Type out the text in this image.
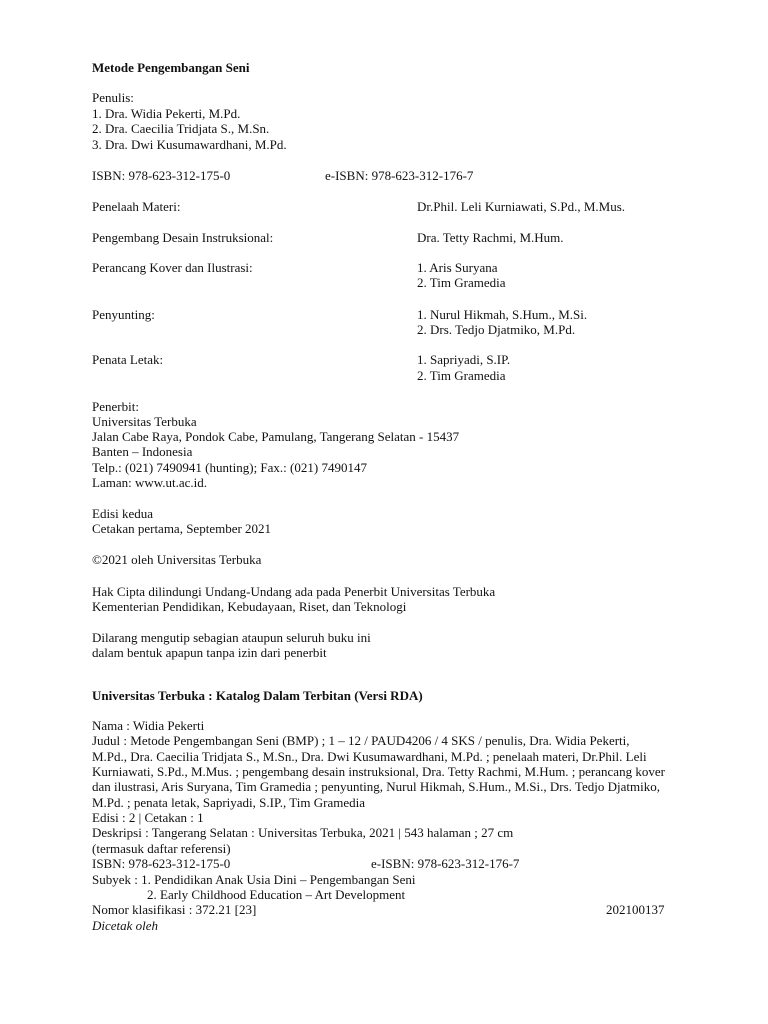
Metode Pengembangan Seni
Penulis:
1. Dra. Widia Pekerti, M.Pd.
2. Dra. Caecilia Tridjata S., M.Sn.
3. Dra. Dwi Kusumawardhani, M.Pd.
ISBN: 978-623-312-175-0	e-ISBN: 978-623-312-176-7
Penelaah Materi:	Dr.Phil. Leli Kurniawati, S.Pd., M.Mus.
Pengembang Desain Instruksional:	Dra. Tetty Rachmi, M.Hum.
Perancang Kover dan Ilustrasi:	1. Aris Suryana
2. Tim Gramedia
Penyunting:	1. Nurul Hikmah, S.Hum., M.Si.
2. Drs. Tedjo Djatmiko, M.Pd.
Penata Letak:	1. Sapriyadi, S.IP.
2. Tim Gramedia
Penerbit:
Universitas Terbuka
Jalan Cabe Raya, Pondok Cabe, Pamulang, Tangerang Selatan - 15437
Banten – Indonesia
Telp.: (021) 7490941 (hunting); Fax.: (021) 7490147
Laman: www.ut.ac.id.
Edisi kedua
Cetakan pertama, September 2021
©2021 oleh Universitas Terbuka
Hak Cipta dilindungi Undang-Undang ada pada Penerbit Universitas Terbuka
Kementerian Pendidikan, Kebudayaan, Riset, dan Teknologi
Dilarang mengutip sebagian ataupun seluruh buku ini
dalam bentuk apapun tanpa izin dari penerbit
Universitas Terbuka : Katalog Dalam Terbitan (Versi RDA)
Nama : Widia Pekerti
Judul : Metode Pengembangan Seni (BMP) ; 1 – 12 / PAUD4206 / 4 SKS / penulis, Dra. Widia Pekerti,
M.Pd., Dra. Caecilia Tridjata S., M.Sn., Dra. Dwi Kusumawardhani, M.Pd. ; penelaah materi, Dr.Phil. Leli
Kurniawati, S.Pd., M.Mus. ; pengembang desain instruksional, Dra. Tetty Rachmi, M.Hum. ; perancang kover
dan ilustrasi, Aris Suryana, Tim Gramedia ; penyunting, Nurul Hikmah, S.Hum., M.Si., Drs. Tedjo Djatmiko,
M.Pd. ; penata letak, Sapriyadi, S.IP., Tim Gramedia
Edisi : 2 | Cetakan : 1
Deskripsi : Tangerang Selatan : Universitas Terbuka, 2021 | 543 halaman ; 27 cm
(termasuk daftar referensi)
ISBN: 978-623-312-175-0	e-ISBN: 978-623-312-176-7
Subyek : 1. Pendidikan Anak Usia Dini – Pengembangan Seni
2. Early Childhood Education – Art Development
Nomor klasifikasi : 372.21 [23]	202100137
Dicetak oleh
